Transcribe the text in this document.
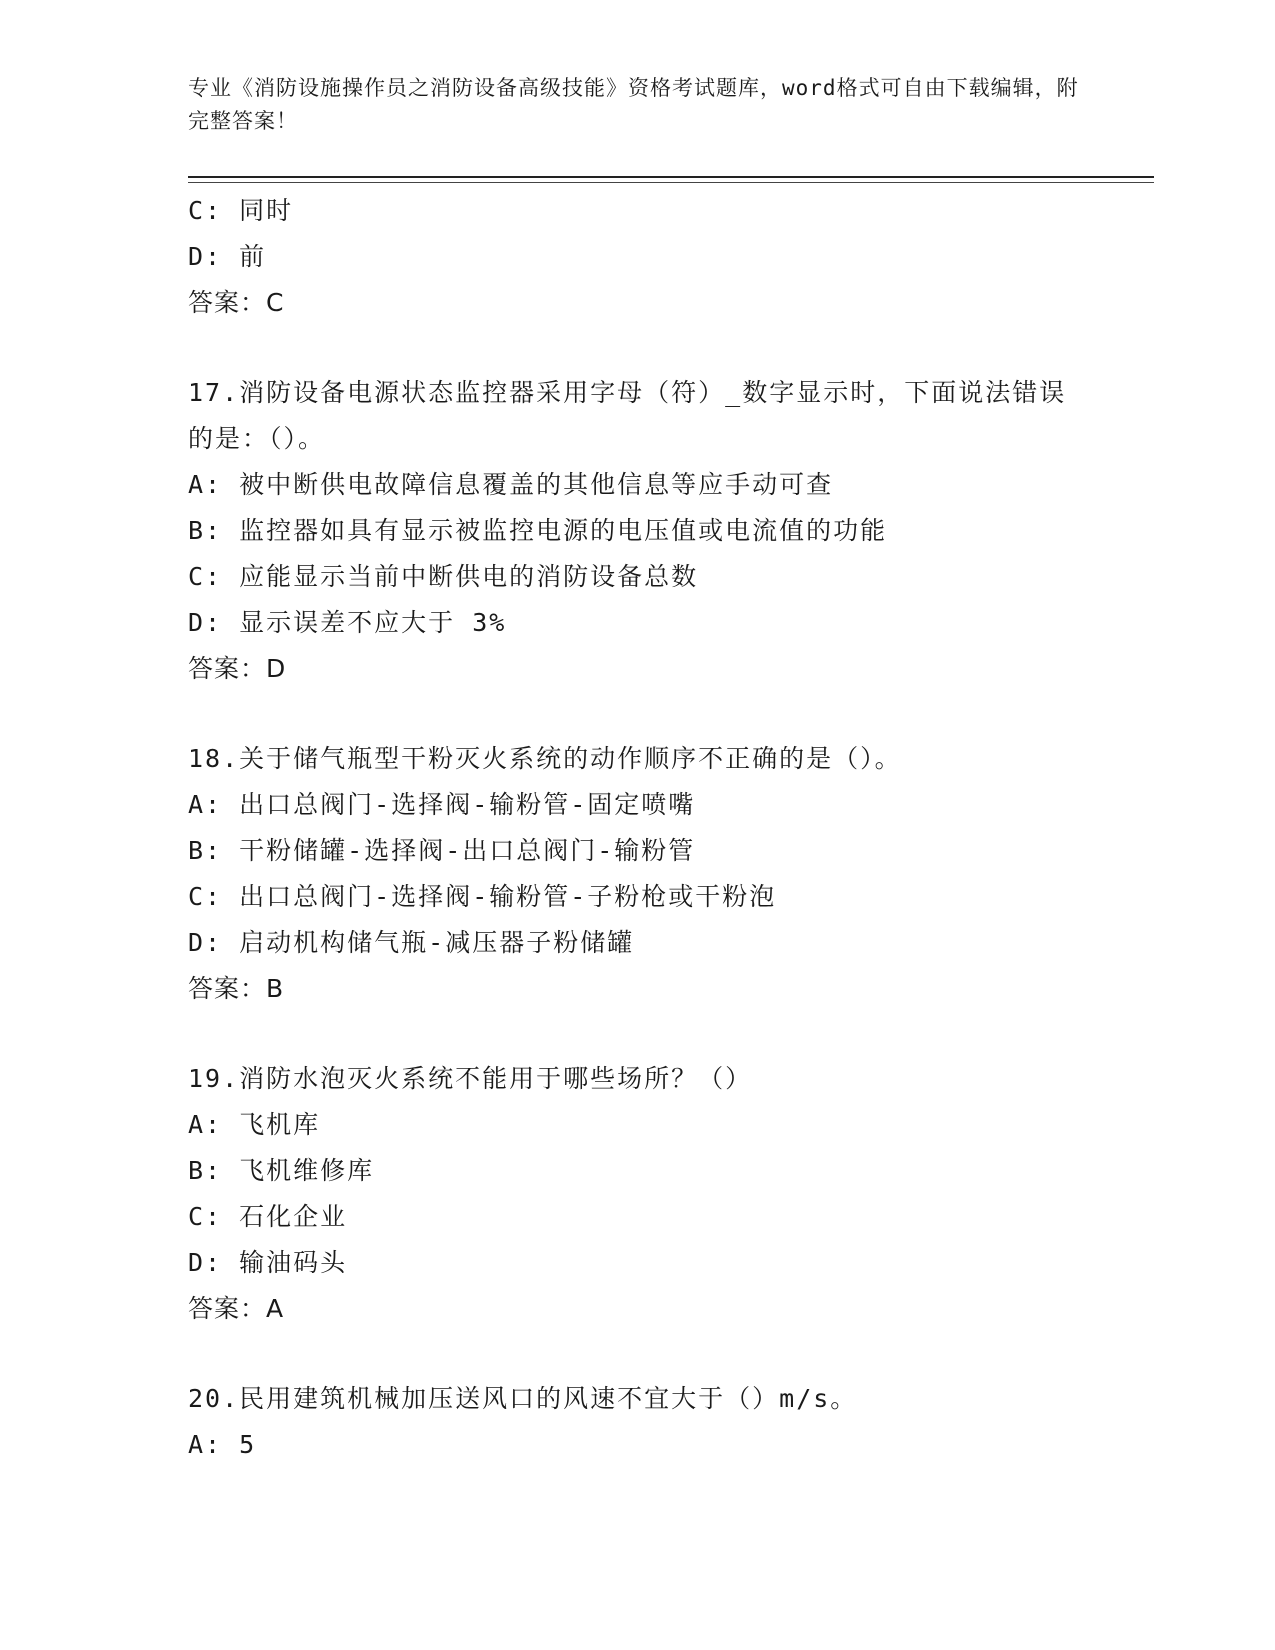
专业《消防设施操作员之消防设备高级技能》资格考试题库，word格式可自由下载编辑，附完整答案！
C: 同时
D: 前
答案：C
17.消防设备电源状态监控器采用字母（符）_数字显示时，下面说法错误的是：（）。
A: 被中断供电故障信息覆盖的其他信息等应手动可查
B: 监控器如具有显示被监控电源的电压值或电流值的功能
C: 应能显示当前中断供电的消防设备总数
D: 显示误差不应大于 3%
答案：D
18.关于储气瓶型干粉灭火系统的动作顺序不正确的是（）。
A: 出口总阀门-选择阀-输粉管-固定喷嘴
B: 干粉储罐-选择阀-出口总阀门-输粉管
C: 出口总阀门-选择阀-输粉管-子粉枪或干粉泡
D: 启动机构储气瓶-减压器子粉储罐
答案：B
19.消防水泡灭火系统不能用于哪些场所？（）
A: 飞机库
B: 飞机维修库
C: 石化企业
D: 输油码头
答案：A
20.民用建筑机械加压送风口的风速不宜大于（）m/s。
A: 5
